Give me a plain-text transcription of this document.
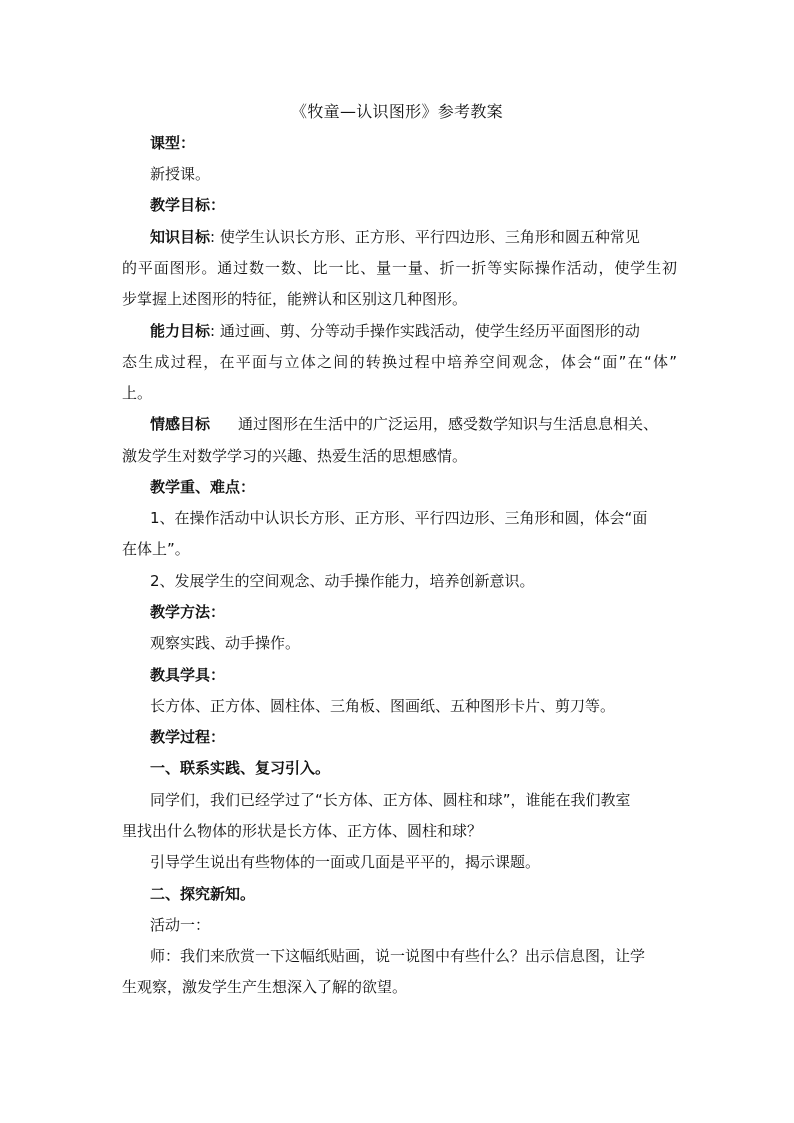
《牧童—认识图形》参考教案
课型：
新授课。
教学目标：
知识目标: 使学生认识长方形、正方形、平行四边形、三角形和圆五种常见
的平面图形。通过数一数、比一比、量一量、折一折等实际操作活动，使学生初
步掌握上述图形的特征，能辨认和区别这几种图形。
能力目标: 通过画、剪、分等动手操作实践活动，使学生经历平面图形的动
态生成过程，在平面与立体之间的转换过程中培养空间观念，体会“面”在“体”
上。
情感目标 通过图形在生活中的广泛运用，感受数学知识与生活息息相关、
激发学生对数学学习的兴趣、热爱生活的思想感情。
教学重、难点：
1、在操作活动中认识长方形、正方形、平行四边形、三角形和圆，体会“面
在体上”。
2、发展学生的空间观念、动手操作能力，培养创新意识。
教学方法：
观察实践、动手操作。
教具学具：
长方体、正方体、圆柱体、三角板、图画纸、五种图形卡片、剪刀等。
教学过程：
一、联系实践、复习引入。
同学们，我们已经学过了“长方体、正方体、圆柱和球”，谁能在我们教室
里找出什么物体的形状是长方体、正方体、圆柱和球？
引导学生说出有些物体的一面或几面是平平的，揭示课题。
二、探究新知。
活动一：
师：我们来欣赏一下这幅纸贴画，说一说图中有些什么？出示信息图，让学
生观察，激发学生产生想深入了解的欲望。
